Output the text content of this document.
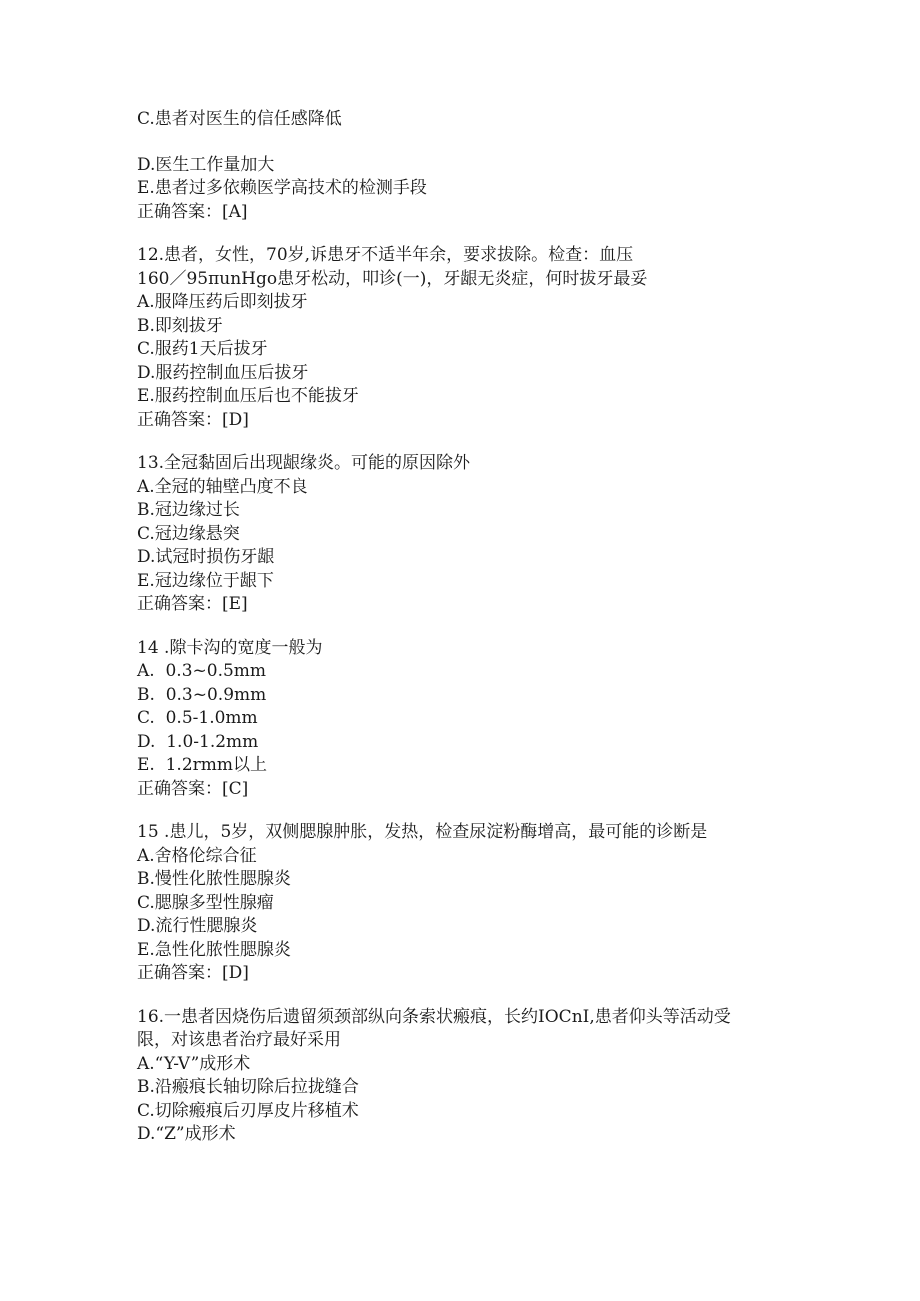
C.患者对医生的信任感降低
D.医生工作量加大
E.患者过多依赖医学高技术的检测手段
正确答案：[A]
12.患者，女性，70岁,诉患牙不适半年余，要求拔除。检查：血压
160／95πunHgo患牙松动，叩诊(一)，牙龈无炎症，何时拔牙最妥
A.服降压药后即刻拔牙
B.即刻拔牙
C.服药1天后拔牙
D.服药控制血压后拔牙
E.服药控制血压后也不能拔牙
正确答案：[D]
13.全冠黏固后出现龈缘炎。可能的原因除外
A.全冠的轴壁凸度不良
B.冠边缘过长
C.冠边缘悬突
D.试冠时损伤牙龈
E.冠边缘位于龈下
正确答案：[E]
14 .隙卡沟的宽度一般为
A.  0.3~0.5mm
B.  0.3~0.9mm
C.  0.5-1.0mm
D.  1.0-1.2mm
E.  1.2rmm以上
正确答案：[C]
15 .患儿，5岁，双侧腮腺肿胀，发热，检查尿淀粉酶增高，最可能的诊断是
A.舍格伦综合征
B.慢性化脓性腮腺炎
C.腮腺多型性腺瘤
D.流行性腮腺炎
E.急性化脓性腮腺炎
正确答案：[D]
16.一患者因烧伤后遗留须颈部纵向条索状瘢痕，长约IOCnI,患者仰头等活动受
限，对该患者治疗最好采用
A.“Y-V”成形术
B.沿瘢痕长轴切除后拉拢缝合
C.切除瘢痕后刃厚皮片移植术
D.“Z”成形术
